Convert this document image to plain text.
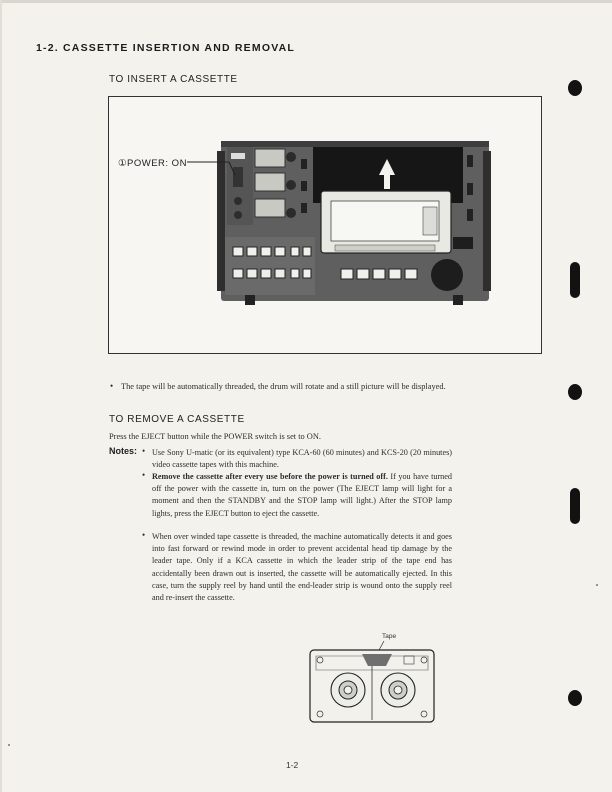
1-2. CASSETTE INSERTION AND REMOVAL
TO INSERT A CASSETTE
①POWER: ON
• The tape will be automatically threaded, the drum will rotate and a still picture will be displayed.
TO REMOVE A CASSETTE
Press the EJECT button while the POWER switch is set to ON.
Notes: • Use Sony U-matic (or its equivalent) type KCA-60 (60 minutes) and KCS-20 (20 minutes) video cassette tapes with this machine.
• Remove the cassette after every use before the power is turned off. If you have turned off the power with the cassette in, turn on the power (The EJECT lamp will light for a moment and then the STANDBY and the STOP lamp will light.) After the STOP lamp lights, press the EJECT button to eject the cassette.
• When over winded tape cassette is threaded, the machine automatically detects it and goes into fast forward or rewind mode in order to prevent accidental head tip damage by the leader tape. Only if a KCA cassette in which the leader strip of the tape end has accidentally been drawn out is inserted, the cassette will be automatically ejected. In this case, turn the supply reel by hand until the end-leader strip is wound onto the supply reel and re-insert the cassette.
Tape
1-2
